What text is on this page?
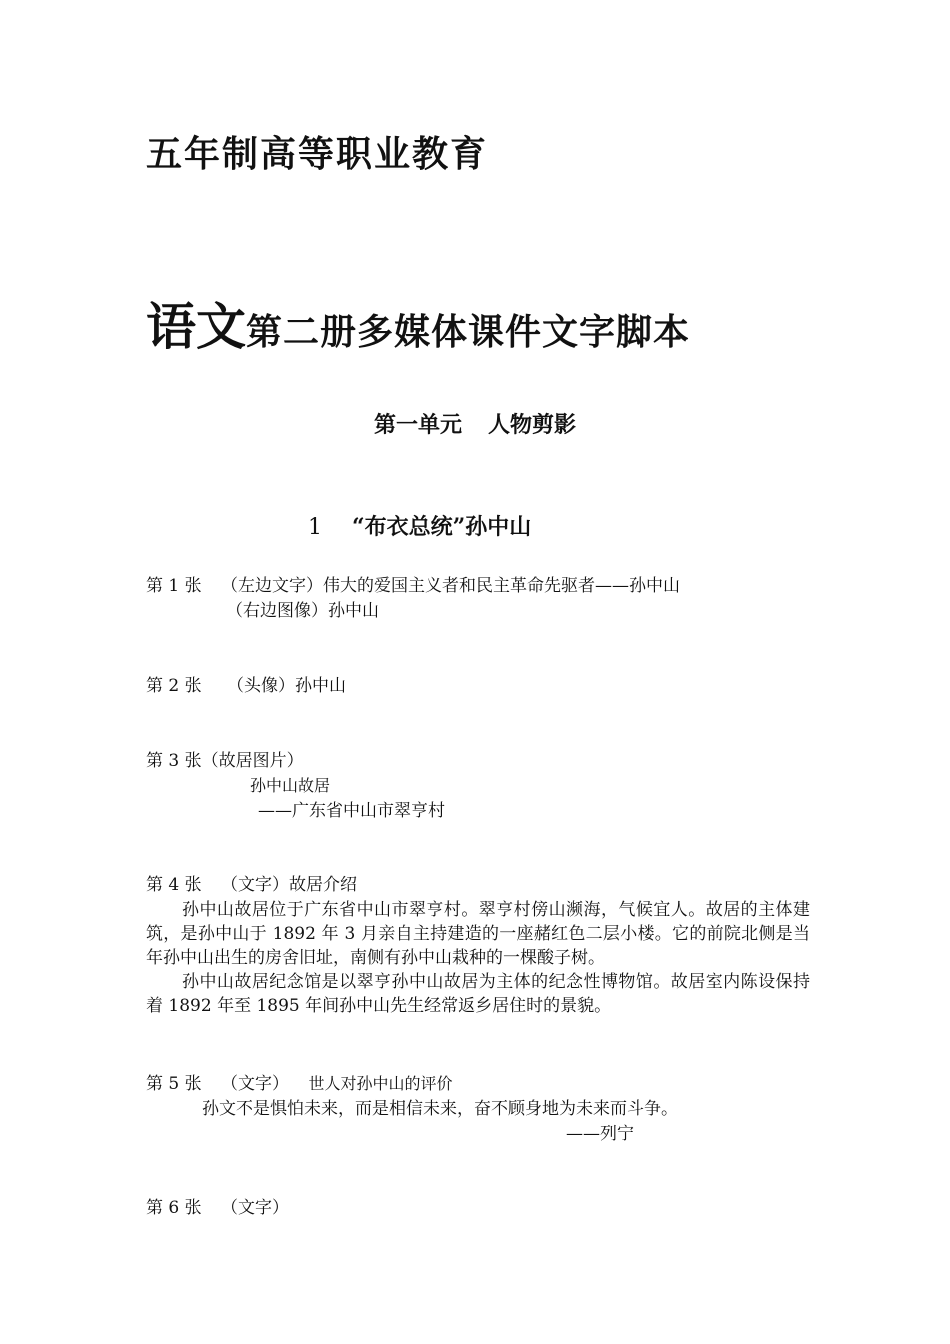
五年制高等职业教育
语文第二册多媒体课件文字脚本
第一单元 人物剪影
1 “布衣总统”孙中山
第 1 张 （左边文字）伟大的爱国主义者和民主革命先驱者——孙中山
（右边图像）孙中山
第 2 张 （头像）孙中山
第 3 张（故居图片）
孙中山故居
——广东省中山市翠亨村
第 4 张 （文字）故居介绍
孙中山故居位于广东省中山市翠亨村。翠亨村傍山濒海，气候宜人。故居的主体建筑，是孙中山于 1892 年 3 月亲自主持建造的一座赭红色二层小楼。它的前院北侧是当年孙中山出生的房舍旧址，南侧有孙中山栽种的一棵酸子树。
孙中山故居纪念馆是以翠亨孙中山故居为主体的纪念性博物馆。故居室内陈设保持着 1892 年至 1895 年间孙中山先生经常返乡居住时的景貌。
第 5 张 （文字） 世人对孙中山的评价
孙文不是惧怕未来，而是相信未来，奋不顾身地为未来而斗争。
——列宁
第 6 张 （文字）
